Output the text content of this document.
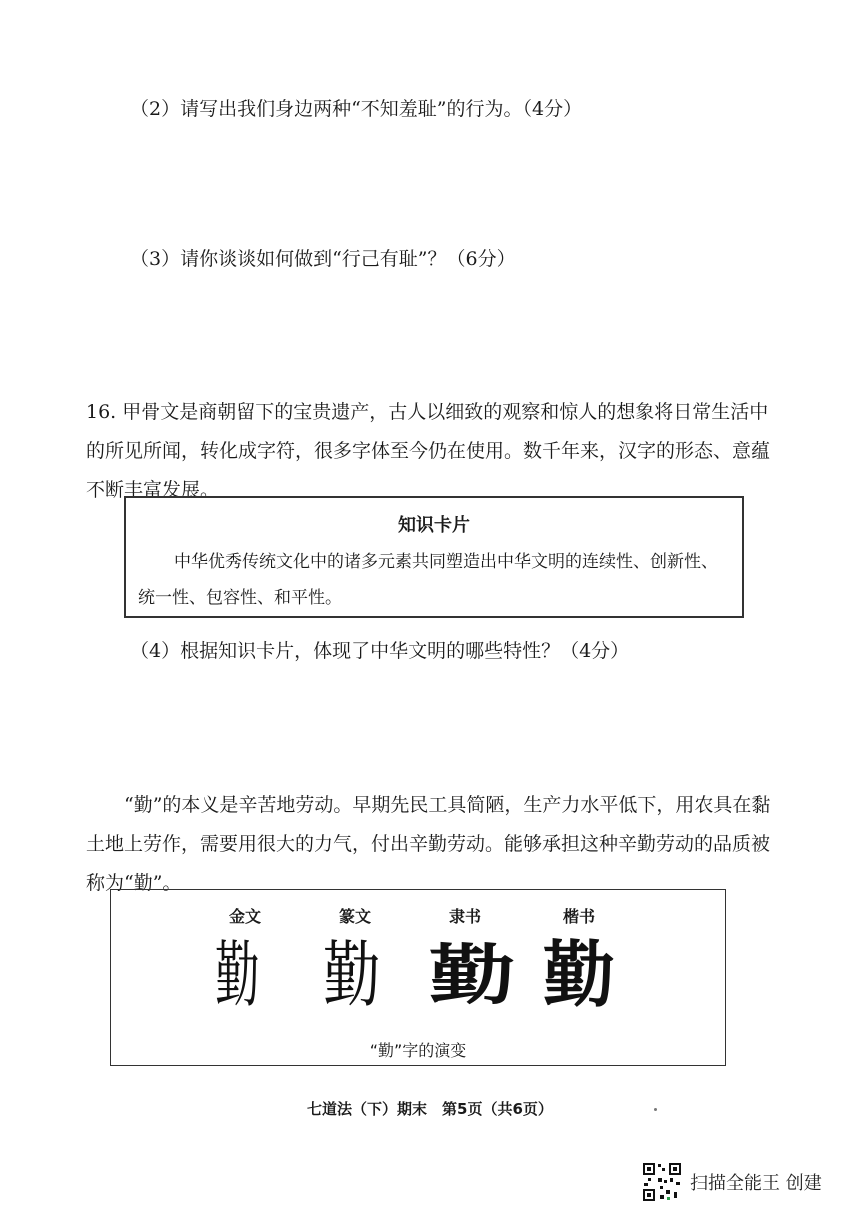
（2）请写出我们身边两种“不知羞耻”的行为。（4分）
（3）请你谈谈如何做到“行己有耻”？（6分）
16. 甲骨文是商朝留下的宝贵遗产，古人以细致的观察和惊人的想象将日常生活中的所见所闻，转化成字符，很多字体至今仍在使用。数千年来，汉字的形态、意蕴不断丰富发展。
知识卡片
中华优秀传统文化中的诸多元素共同塑造出中华文明的连续性、创新性、统一性、包容性、和平性。
（4）根据知识卡片，体现了中华文明的哪些特性？（4分）
“勤”的本义是辛苦地劳动。早期先民工具简陋，生产力水平低下，用农具在黏土地上劳作，需要用很大的力气，付出辛勤劳动。能够承担这种辛勤劳动的品质被称为“勤”。
金文	篆文	隶书	楷书
勤 勤 勤 勤
“勤”字的演变
七道法（下）期末　第5页（共6页）
扫描全能王 创建
